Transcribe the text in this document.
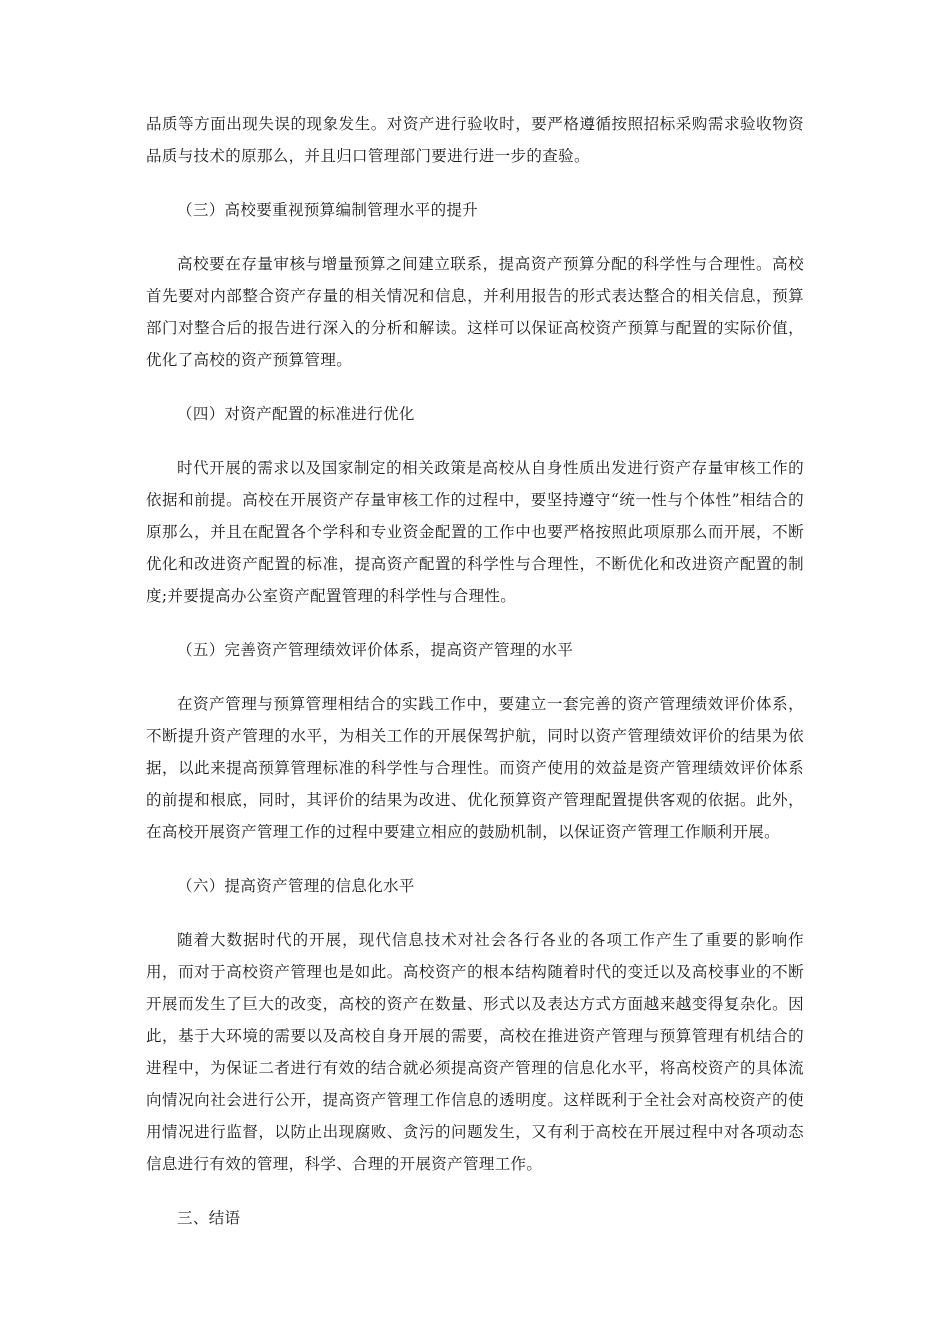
品质等方面出现失误的现象发生。对资产进行验收时，要严格遵循按照招标采购需求验收物资品质与技术的原那么，并且归口管理部门要进行进一步的查验。

（三）高校要重视预算编制管理水平的提升

高校要在存量审核与增量预算之间建立联系，提高资产预算分配的科学性与合理性。高校首先要对内部整合资产存量的相关情况和信息，并利用报告的形式表达整合的相关信息，预算部门对整合后的报告进行深入的分析和解读。这样可以保证高校资产预算与配置的实际价值，优化了高校的资产预算管理。

（四）对资产配置的标准进行优化

时代开展的需求以及国家制定的相关政策是高校从自身性质出发进行资产存量审核工作的依据和前提。高校在开展资产存量审核工作的过程中，要坚持遵守“统一性与个体性”相结合的原那么，并且在配置各个学科和专业资金配置的工作中也要严格按照此项原那么而开展，不断优化和改进资产配置的标准，提高资产配置的科学性与合理性，不断优化和改进资产配置的制度;并要提高办公室资产配置管理的科学性与合理性。

（五）完善资产管理绩效评价体系，提高资产管理的水平

在资产管理与预算管理相结合的实践工作中，要建立一套完善的资产管理绩效评价体系，不断提升资产管理的水平，为相关工作的开展保驾护航，同时以资产管理绩效评价的结果为依据，以此来提高预算管理标准的科学性与合理性。而资产使用的效益是资产管理绩效评价体系的前提和根底，同时，其评价的结果为改进、优化预算资产管理配置提供客观的依据。此外，在高校开展资产管理工作的过程中要建立相应的鼓励机制，以保证资产管理工作顺利开展。

（六）提高资产管理的信息化水平

随着大数据时代的开展，现代信息技术对社会各行各业的各项工作产生了重要的影响作用，而对于高校资产管理也是如此。高校资产的根本结构随着时代的变迁以及高校事业的不断开展而发生了巨大的改变，高校的资产在数量、形式以及表达方式方面越来越变得复杂化。因此，基于大环境的需要以及高校自身开展的需要，高校在推进资产管理与预算管理有机结合的进程中，为保证二者进行有效的结合就必须提高资产管理的信息化水平，将高校资产的具体流向情况向社会进行公开，提高资产管理工作信息的透明度。这样既利于全社会对高校资产的使用情况进行监督，以防止出现腐败、贪污的问题发生，又有利于高校在开展过程中对各项动态信息进行有效的管理，科学、合理的开展资产管理工作。

三、结语
